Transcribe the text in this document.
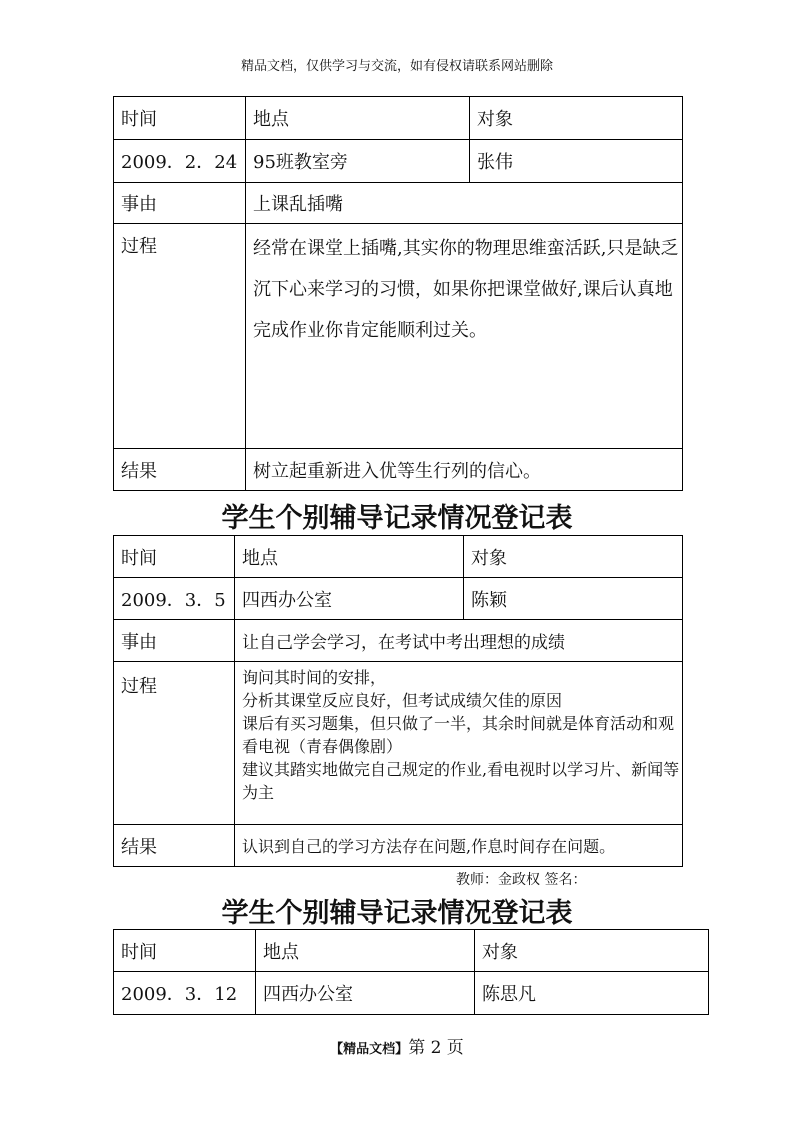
精品文档，仅供学习与交流，如有侵权请联系网站删除
时间	地点	对象
2009．2．24	95班教室旁	张伟
事由	上课乱插嘴	
过程	经常在课堂上插嘴,其实你的物理思维蛮活跃,只是缺乏沉下心来学习的习惯，如果你把课堂做好,课后认真地完成作业你肯定能顺利过关。	
结果	树立起重新进入优等生行列的信心。	
学生个别辅导记录情况登记表
时间	地点	对象
2009．3．5	四西办公室	陈颖
事由	让自己学会学习，在考试中考出理想的成绩	
过程	询问其时间的安排，
分析其课堂反应良好，但考试成绩欠佳的原因
课后有买习题集，但只做了一半，其余时间就是体育活动和观看电视（青春偶像剧）
建议其踏实地做完自己规定的作业,看电视时以学习片、新闻等为主	

结果	认识到自己的学习方法存在问题,作息时间存在问题。	
教师：金政权 签名：
学生个别辅导记录情况登记表
时间	地点	对象
2009．3．12	四西办公室	陈思凡
【精品文档】第 2 页
